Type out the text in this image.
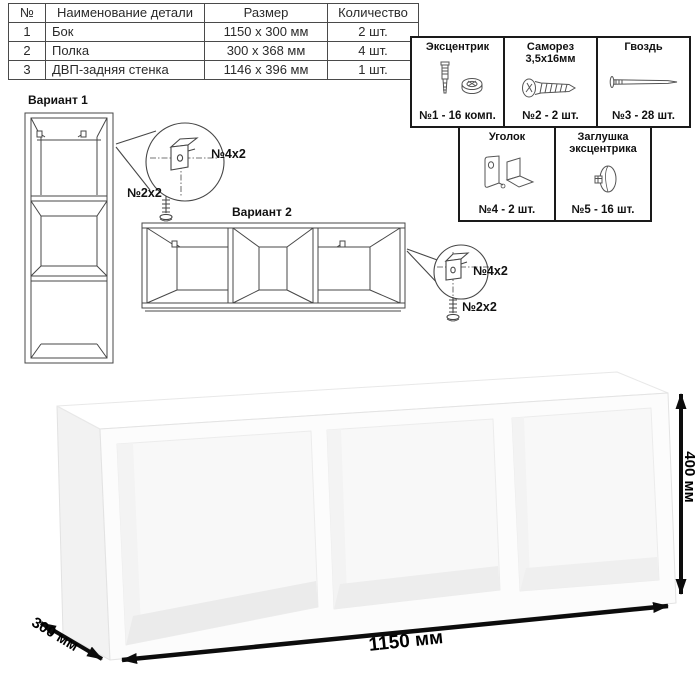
№	Наименование детали	Размер	Количество
1	Бок	1150 x 300 мм	2 шт.
2	Полка	300 x 368 мм	4 шт.
3	ДВП-задняя стенка	1146 x 396 мм	1 шт.
Эксцентрик
№1 - 16 комп.
Саморез
3,5х16мм
№2 - 2 шт.
Гвоздь
№3 - 28 шт.
Уголок
№4 - 2 шт.
Заглушка
эксцентрика
№5 - 16 шт.
Вариант 1
Вариант 2
№4х2
№2х2
№4х2
№2х2
1150 мм
300 мм
400 мм
